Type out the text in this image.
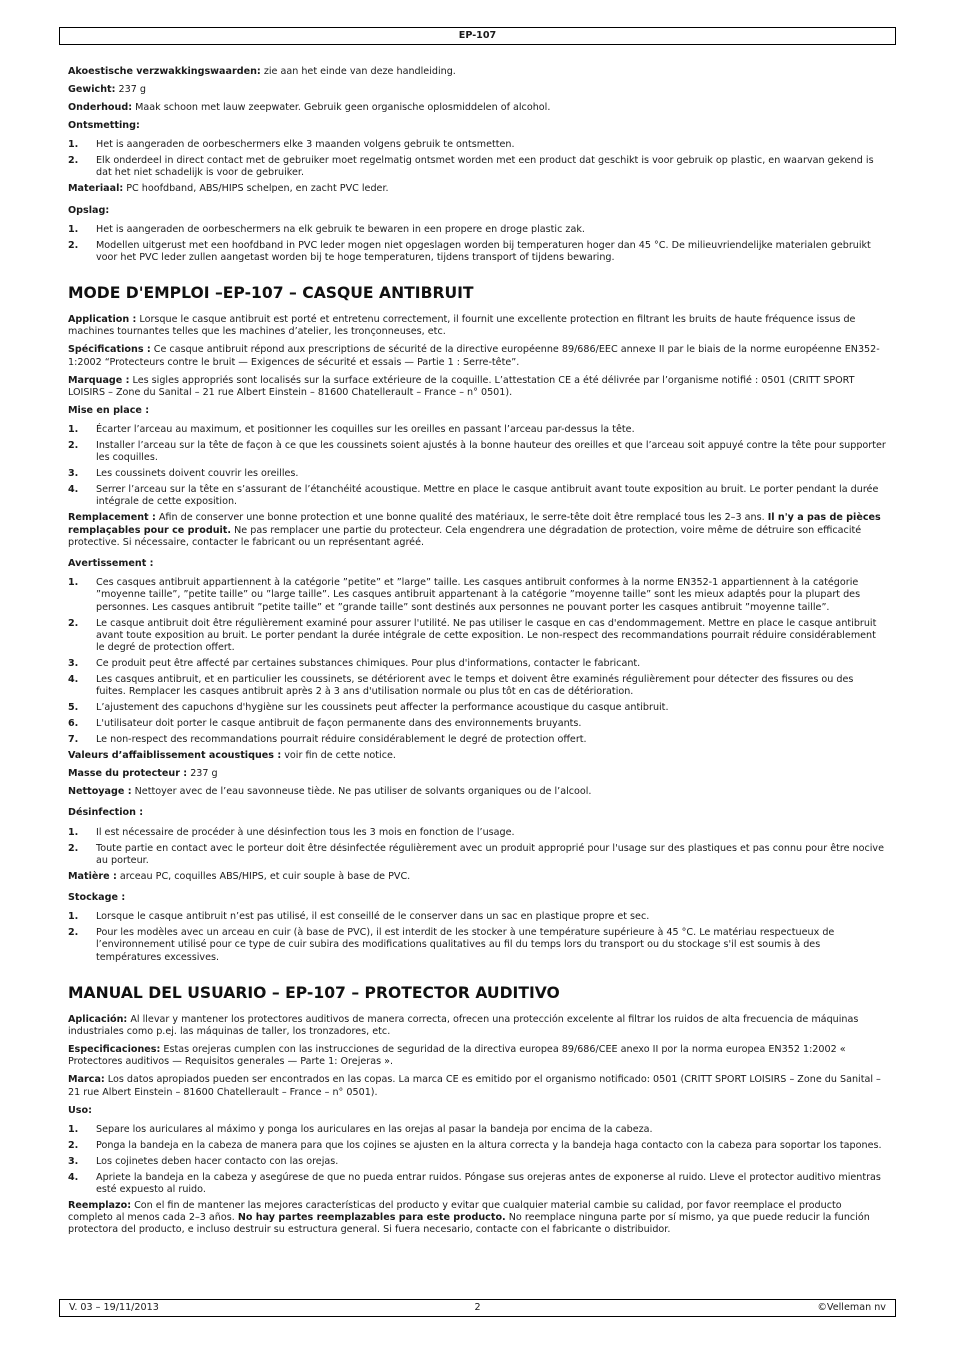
EP-107

Akoestische verzwakkingswaarden: zie aan het einde van deze handleiding.

Gewicht: 237 g

Onderhoud: Maak schoon met lauw zeepwater. Gebruik geen organische oplosmiddelen of alcohol.

Ontsmetting:

1. Het is aangeraden de oorbeschermers elke 3 maanden volgens gebruik te ontsmetten.
2. Elk onderdeel in direct contact met de gebruiker moet regelmatig ontsmet worden met een product dat geschikt is voor gebruik op plastic, en waarvan gekend is dat het niet schadelijk is voor de gebruiker.

Materiaal: PC hoofdband, ABS/HIPS schelpen, en zacht PVC leder.

Opslag:

1. Het is aangeraden de oorbeschermers na elk gebruik te bewaren in een propere en droge plastic zak.
2. Modellen uitgerust met een hoofdband in PVC leder mogen niet opgeslagen worden bij temperaturen hoger dan 45 °C. De milieuvriendelijke materialen gebruikt voor het PVC leder zullen aangetast worden bij te hoge temperaturen, tijdens transport of tijdens bewaring.
MODE D'EMPLOI –EP-107 – CASQUE ANTIBRUIT

Application : Lorsque le casque antibruit est porté et entretenu correctement, il fournit une excellente protection en filtrant les bruits de haute fréquence issus de machines tournantes telles que les machines d’atelier, les tronçonneuses, etc.

Spécifications : Ce casque antibruit répond aux prescriptions de sécurité de la directive européenne 89/686/EEC annexe II par le biais de la norme européenne EN352-1:2002 “Protecteurs contre le bruit — Exigences de sécurité et essais — Partie 1 : Serre-tête”.

Marquage : Les sigles appropriés sont localisés sur la surface extérieure de la coquille. L’attestation CE a été délivrée par l’organisme notifié : 0501 (CRITT SPORT LOISIRS – Zone du Sanital – 21 rue Albert Einstein – 81600 Chatellerault – France – n° 0501).

Mise en place :

1. Écarter l’arceau au maximum, et positionner les coquilles sur les oreilles en passant l’arceau par-dessus la tête.
2. Installer l’arceau sur la tête de façon à ce que les coussinets soient ajustés à la bonne hauteur des oreilles et que l’arceau soit appuyé contre la tête pour supporter les coquilles.
3. Les coussinets doivent couvrir les oreilles.
4. Serrer l’arceau sur la tête en s’assurant de l’étanchéité acoustique. Mettre en place le casque antibruit avant toute exposition au bruit. Le porter pendant la durée intégrale de cette exposition.

Remplacement : Afin de conserver une bonne protection et une bonne qualité des matériaux, le serre-tête doit être remplacé tous les 2–3 ans. Il n'y a pas de pièces remplaçables pour ce produit. Ne pas remplacer une partie du protecteur. Cela engendrera une dégradation de protection, voire même de détruire son efficacité protective. Si nécessaire, contacter le fabricant ou un représentant agréé.

Avertissement :

1. Ces casques antibruit appartiennent à la catégorie ”petite” et ”large” taille. Les casques antibruit conformes à la norme EN352-1 appartiennent à la catégorie ”moyenne taille”, ”petite taille” ou ”large taille”. Les casques antibruit appartenant à la catégorie ”moyenne taille” sont les mieux adaptés pour la plupart des personnes. Les casques antibruit ”petite taille” et ”grande taille” sont destinés aux personnes ne pouvant porter les casques antibruit ”moyenne taille”.
2. Le casque antibruit doit être régulièrement examiné pour assurer l'utilité. Ne pas utiliser le casque en cas d'endommagement. Mettre en place le casque antibruit avant toute exposition au bruit. Le porter pendant la durée intégrale de cette exposition. Le non-respect des recommandations pourrait réduire considérablement le degré de protection offert.
3. Ce produit peut être affecté par certaines substances chimiques. Pour plus d'informations, contacter le fabricant.
4. Les casques antibruit, et en particulier les coussinets, se détériorent avec le temps et doivent être examinés régulièrement pour détecter des fissures ou des fuites. Remplacer les casques antibruit après 2 à 3 ans d'utilisation normale ou plus tôt en cas de détérioration.
5. L’ajustement des capuchons d'hygiène sur les coussinets peut affecter la performance acoustique du casque antibruit.
6. L'utilisateur doit porter le casque antibruit de façon permanente dans des environnements bruyants.
7. Le non-respect des recommandations pourrait réduire considérablement le degré de protection offert.

Valeurs d’affaiblissement acoustiques : voir fin de cette notice.

Masse du protecteur : 237 g

Nettoyage : Nettoyer avec de l’eau savonneuse tiède. Ne pas utiliser de solvants organiques ou de l’alcool.

Désinfection :

1. Il est nécessaire de procéder à une désinfection tous les 3 mois en fonction de l’usage.
2. Toute partie en contact avec le porteur doit être désinfectée régulièrement avec un produit approprié pour l'usage sur des plastiques et pas connu pour être nocive au porteur.

Matière : arceau PC, coquilles ABS/HIPS, et cuir souple à base de PVC.

Stockage :

1. Lorsque le casque antibruit n’est pas utilisé, il est conseillé de le conserver dans un sac en plastique propre et sec.
2. Pour les modèles avec un arceau en cuir (à base de PVC), il est interdit de les stocker à une température supérieure à 45 °C. Le matériau respectueux de l’environnement utilisé pour ce type de cuir subira des modifications qualitatives au fil du temps lors du transport ou du stockage s'il est soumis à des températures excessives.
MANUAL DEL USUARIO – EP-107 – PROTECTOR AUDITIVO

Aplicación: Al llevar y mantener los protectores auditivos de manera correcta, ofrecen una protección excelente al filtrar los ruidos de alta frecuencia de máquinas industriales como p.ej. las máquinas de taller, los tronzadores, etc.

Especificaciones: Estas orejeras cumplen con las instrucciones de seguridad de la directiva europea 89/686/CEE anexo II por la norma europea EN352 1:2002 « Protectores auditivos — Requisitos generales — Parte 1: Orejeras ».

Marca: Los datos apropiados pueden ser encontrados en las copas. La marca CE es emitido por el organismo notificado: 0501 (CRITT SPORT LOISIRS – Zone du Sanital – 21 rue Albert Einstein – 81600 Chatellerault – France – n° 0501).

Uso:

1. Separe los auriculares al máximo y ponga los auriculares en las orejas al pasar la bandeja por encima de la cabeza.
2. Ponga la bandeja en la cabeza de manera para que los cojines se ajusten en la altura correcta y la bandeja haga contacto con la cabeza para soportar los tapones.
3. Los cojinetes deben hacer contacto con las orejas.
4. Apriete la bandeja en la cabeza y asegúrese de que no pueda entrar ruidos. Póngase sus orejeras antes de exponerse al ruido. Lleve el protector auditivo mientras esté expuesto al ruido.

Reemplazo: Con el fin de mantener las mejores características del producto y evitar que cualquier material cambie su calidad, por favor reemplace el producto completo al menos cada 2–3 años. No hay partes reemplazables para este producto. No reemplace ninguna parte por sí mismo, ya que puede reducir la función protectora del producto, e incluso destruir su estructura general. Si fuera necesario, contacte con el fabricante o distribuidor.

V. 03 – 19/11/2013	2	©Velleman nv
